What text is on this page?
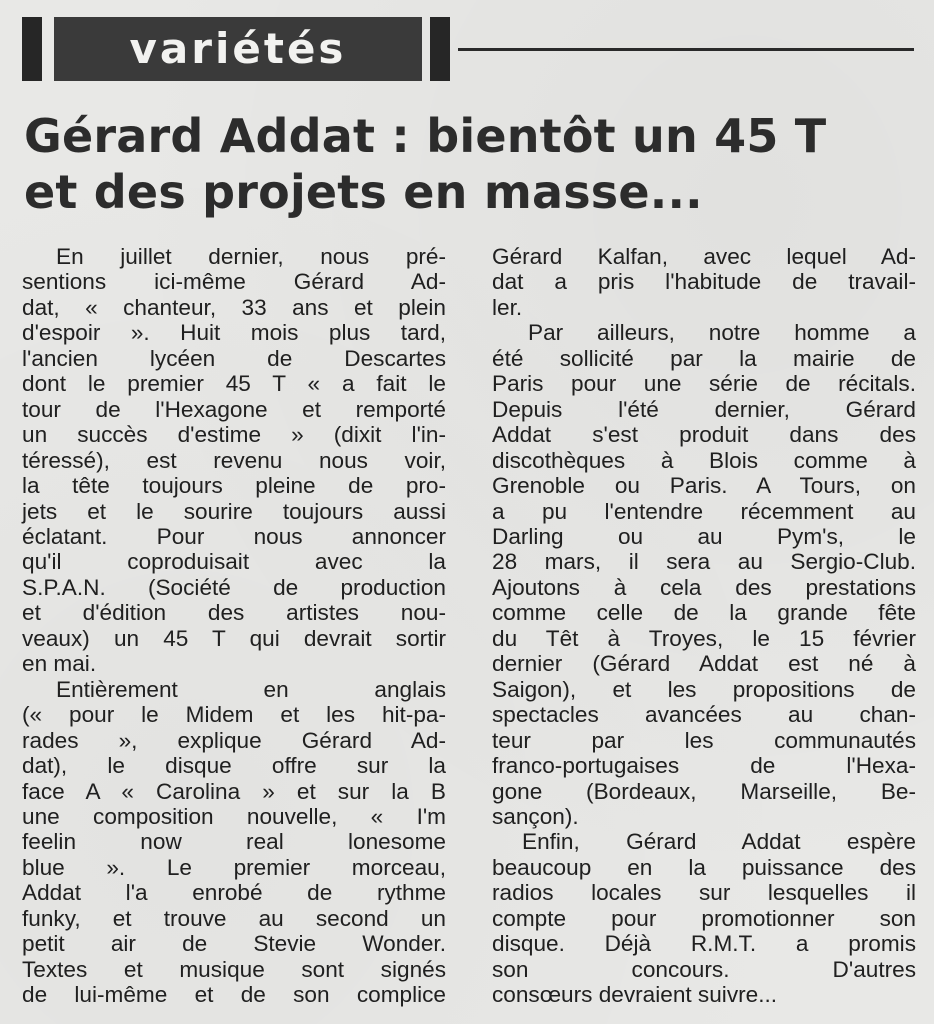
variétés
Gérard Addat : bientôt un 45 T
et des projets en masse...

En juillet dernier, nous pré-
sentions ici-même Gérard Ad-
dat, « chanteur, 33 ans et plein
d'espoir ». Huit mois plus tard,
l'ancien lycéen de Descartes
dont le premier 45 T « a fait le
tour de l'Hexagone et remporté
un succès d'estime » (dixit l'in-
téressé), est revenu nous voir,
la tête toujours pleine de pro-
jets et le sourire toujours aussi
éclatant. Pour nous annoncer
qu'il coproduisait avec la
S.P.A.N. (Société de production
et d'édition des artistes nou-
veaux) un 45 T qui devrait sortir
en mai.

Entièrement en anglais
(« pour le Midem et les hit-pa-
rades », explique Gérard Ad-
dat), le disque offre sur la
face A « Carolina » et sur la B
une composition nouvelle, « I'm
feelin now real lonesome
blue ». Le premier morceau,
Addat l'a enrobé de rythme
funky, et trouve au second un
petit air de Stevie Wonder.
Textes et musique sont signés
de lui-même et de son complice

Gérard Kalfan, avec lequel Ad-
dat a pris l'habitude de travail-
ler.

Par ailleurs, notre homme a
été sollicité par la mairie de
Paris pour une série de récitals.
Depuis l'été dernier, Gérard
Addat s'est produit dans des
discothèques à Blois comme à
Grenoble ou Paris. A Tours, on
a pu l'entendre récemment au
Darling ou au Pym's, le
28 mars, il sera au Sergio-Club.
Ajoutons à cela des prestations
comme celle de la grande fête
du Têt à Troyes, le 15 février
dernier (Gérard Addat est né à
Saigon), et les propositions de
spectacles avancées au chan-
teur par les communautés
franco-portugaises de l'Hexa-
gone (Bordeaux, Marseille, Be-
sançon).

Enfin, Gérard Addat espère
beaucoup en la puissance des
radios locales sur lesquelles il
compte pour promotionner son
disque. Déjà R.M.T. a promis
son concours. D'autres
consœurs devraient suivre...
